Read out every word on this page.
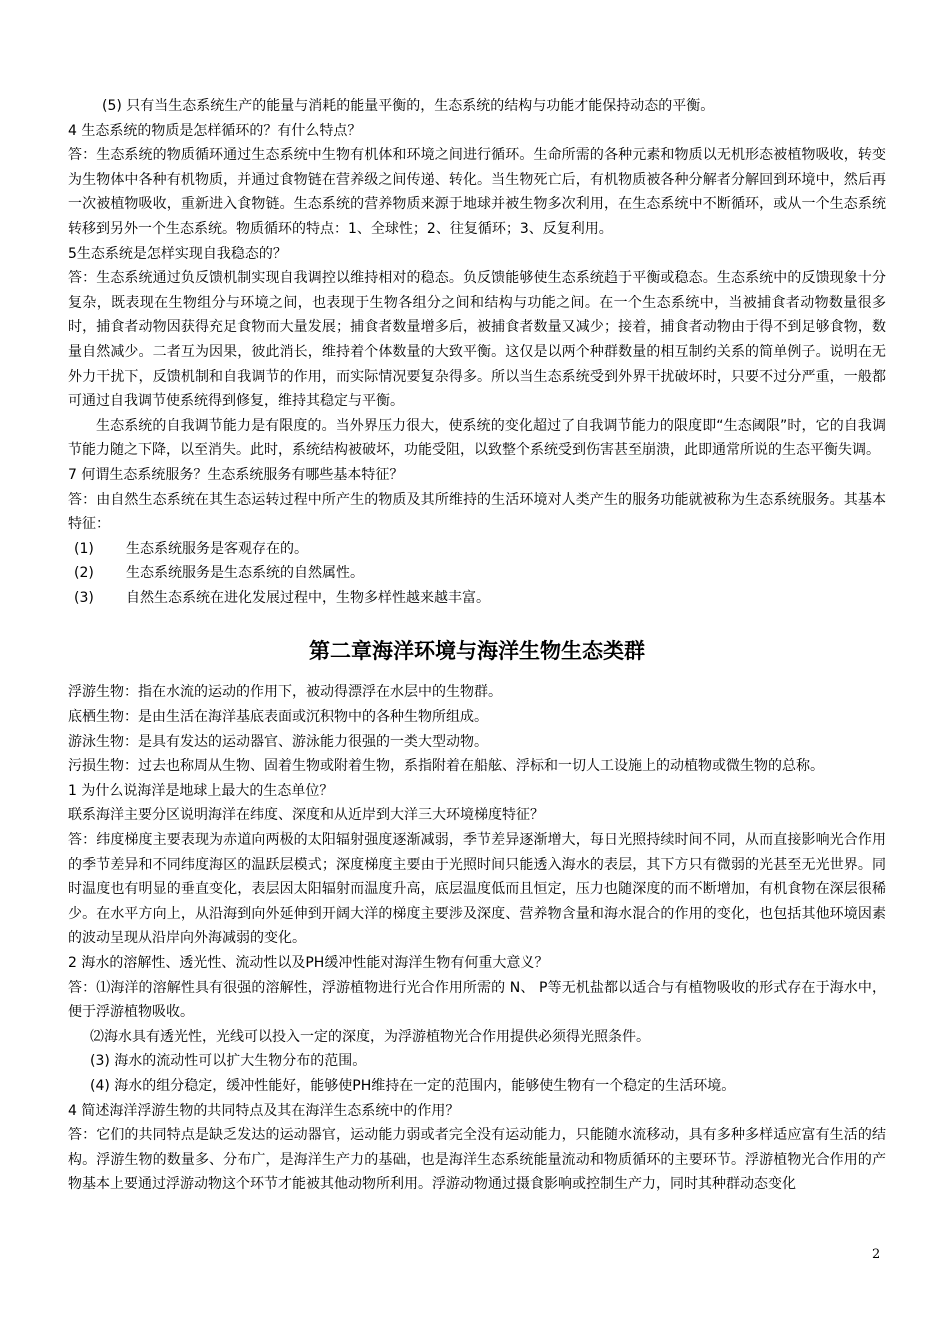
(5) 只有当生态系统生产的能量与消耗的能量平衡的，生态系统的结构与功能才能保持动态的平衡。

4 生态系统的物质是怎样循环的？有什么特点？

答：生态系统的物质循环通过生态系统中生物有机体和环境之间进行循环。生命所需的各种元素和物质以无机形态被植物吸收，转变为生物体中各种有机物质，并通过食物链在营养级之间传递、转化。当生物死亡后，有机物质被各种分解者分解回到环境中，然后再一次被植物吸收，重新进入食物链。生态系统的营养物质来源于地球并被生物多次利用，在生态系统中不断循环，或从一个生态系统转移到另外一个生态系统。物质循环的特点：1、全球性；2、往复循环；3、反复利用。

5生态系统是怎样实现自我稳态的？

答：生态系统通过负反馈机制实现自我调控以维持相对的稳态。负反馈能够使生态系统趋于平衡或稳态。生态系统中的反馈现象十分复杂，既表现在生物组分与环境之间，也表现于生物各组分之间和结构与功能之间。在一个生态系统中，当被捕食者动物数量很多时，捕食者动物因获得充足食物而大量发展；捕食者数量增多后，被捕食者数量又减少；接着，捕食者动物由于得不到足够食物，数量自然减少。二者互为因果，彼此消长，维持着个体数量的大致平衡。这仅是以两个种群数量的相互制约关系的简单例子。说明在无外力干扰下，反馈机制和自我调节的作用，而实际情况要复杂得多。所以当生态系统受到外界干扰破坏时，只要不过分严重，一般都可通过自我调节使系统得到修复，维持其稳定与平衡。

生态系统的自我调节能力是有限度的。当外界压力很大，使系统的变化超过了自我调节能力的限度即“生态阈限”时，它的自我调节能力随之下降，以至消失。此时，系统结构被破坏，功能受阻，以致整个系统受到伤害甚至崩溃，此即通常所说的生态平衡失调。

7 何谓生态系统服务？生态系统服务有哪些基本特征？

答：由自然生态系统在其生态运转过程中所产生的物质及其所维持的生活环境对人类产生的服务功能就被称为生态系统服务。其基本特征：

(1)	生态系统服务是客观存在的。
(2)	生态系统服务是生态系统的自然属性。
(3)	自然生态系统在进化发展过程中，生物多样性越来越丰富。
第二章海洋环境与海洋生物生态类群

浮游生物：指在水流的运动的作用下，被动得漂浮在水层中的生物群。

底栖生物：是由生活在海洋基底表面或沉积物中的各种生物所组成。

游泳生物：是具有发达的运动器官、游泳能力很强的一类大型动物。

污损生物：过去也称周从生物、固着生物或附着生物，系指附着在船舷、浮标和一切人工设施上的动植物或微生物的总称。

1 为什么说海洋是地球上最大的生态单位？

联系海洋主要分区说明海洋在纬度、深度和从近岸到大洋三大环境梯度特征？

答：纬度梯度主要表现为赤道向两极的太阳辐射强度逐渐减弱，季节差异逐渐增大，每日光照持续时间不同，从而直接影响光合作用的季节差异和不同纬度海区的温跃层模式；深度梯度主要由于光照时间只能透入海水的表层，其下方只有微弱的光甚至无光世界。同时温度也有明显的垂直变化，表层因太阳辐射而温度升高，底层温度低而且恒定，压力也随深度的而不断增加，有机食物在深层很稀少。在水平方向上，从沿海到向外延伸到开阔大洋的梯度主要涉及深度、营养物含量和海水混合的作用的变化，也包括其他环境因素的波动呈现从沿岸向外海减弱的变化。

2 海水的溶解性、透光性、流动性以及PH缓冲性能对海洋生物有何重大意义？

答：⑴海洋的溶解性具有很强的溶解性，浮游植物进行光合作用所需的 N、 P等无机盐都以适合与有植物吸收的形式存在于海水中，便于浮游植物吸收。

⑵海水具有透光性，光线可以投入一定的深度，为浮游植物光合作用提供必须得光照条件。

(3) 海水的流动性可以扩大生物分布的范围。

(4) 海水的组分稳定，缓冲性能好，能够使PH维持在一定的范围内，能够使生物有一个稳定的生活环境。

4 简述海洋浮游生物的共同特点及其在海洋生态系统中的作用？

答：它们的共同特点是缺乏发达的运动器官，运动能力弱或者完全没有运动能力，只能随水流移动，具有多种多样适应富有生活的结构。浮游生物的数量多、分布广，是海洋生产力的基础，也是海洋生态系统能量流动和物质循环的主要环节。浮游植物光合作用的产物基本上要通过浮游动物这个环节才能被其他动物所利用。浮游动物通过摄食影响或控制生产力，同时其种群动态变化

2
